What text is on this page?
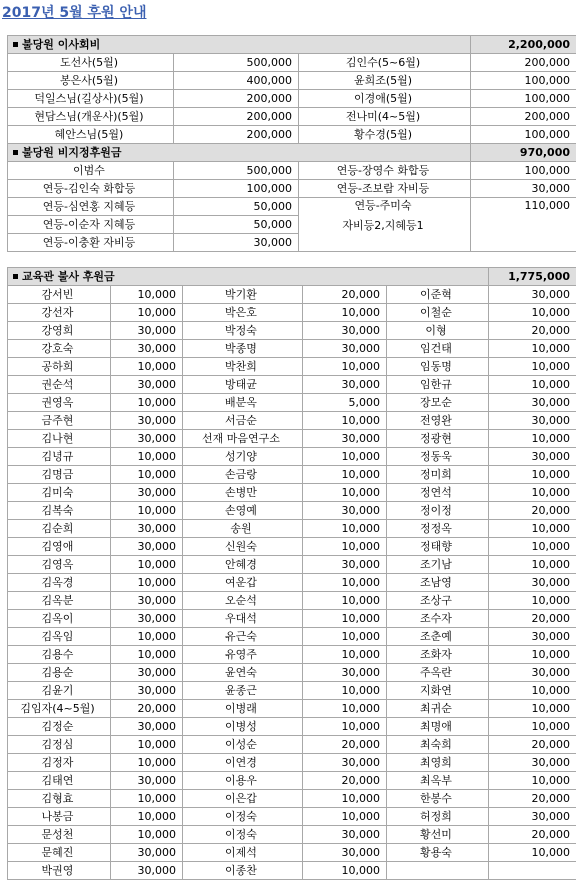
2017년 5월 후원 안내
불당원 이사회비			2,200,000
도선사(5월)	500,000	김인수(5~6월)	200,000
봉은사(5월)	400,000	윤희조(5월)	100,000
덕일스님(길상사)(5월)	200,000	이경애(5월)	100,000
현담스님(개운사)(5월)	200,000	전나미(4~5월)	200,000
혜안스님(5월)	200,000	황수경(5월)	100,000
불당원 비지정후원금			970,000
이범수	500,000	연등-장영수 화합등	100,000
연등-김인숙 화합등	100,000	연등-조보람 자비등	30,000
연등-심연홍 지혜등	50,000	연등-주미숙
자비등2,지혜등1	110,000
연등-이순자 지혜등	50,000		
연등-이충환 자비등	30,000		
교육관 불사 후원금					1,775,000
감서빈	10,000	박기환	20,000	이준혁	30,000
강선자	10,000	박은호	10,000	이철순	10,000
강영희	30,000	박정숙	30,000	이형	20,000
강호숙	30,000	박종명	30,000	임건태	10,000
공하희	10,000	박찬희	10,000	임동명	10,000
권순석	30,000	방태균	30,000	임한규	10,000
권영옥	10,000	배분옥	5,000	장모순	30,000
금주현	30,000	서금순	10,000	전영완	30,000
김나현	30,000	선재 마음연구소	30,000	정광현	10,000
김녕규	10,000	성기양	10,000	정동욱	30,000
김명금	10,000	손금랑	10,000	정미희	10,000
김미숙	30,000	손병만	10,000	정연석	10,000
김복숙	10,000	손영예	30,000	정이정	20,000
김순희	30,000	송원	10,000	정정옥	10,000
김영애	30,000	신원숙	10,000	정태향	10,000
김영옥	10,000	안혜경	30,000	조기남	10,000
김옥경	10,000	여운갑	10,000	조남영	30,000
김옥분	30,000	오순석	10,000	조상구	10,000
김옥이	30,000	우대석	10,000	조수자	20,000
김옥임	10,000	유근숙	10,000	조춘예	30,000
김용수	10,000	유영주	10,000	조화자	10,000
김용순	30,000	윤연숙	30,000	주옥란	30,000
김윤기	30,000	윤종근	10,000	지화연	10,000
김임자(4~5월)	20,000	이병래	10,000	최귀순	10,000
김정순	30,000	이병성	10,000	최명애	10,000
김정심	10,000	이성순	20,000	최숙희	20,000
김정자	10,000	이연경	30,000	최영희	30,000
김태연	30,000	이용우	20,000	최옥부	10,000
김형효	10,000	이은갑	10,000	한봉수	20,000
나봉금	10,000	이정숙	10,000	허정희	30,000
문성천	10,000	이정숙	30,000	황선미	20,000
문혜진	30,000	이제석	30,000	황용숙	10,000
박권영	30,000	이종찬	10,000		
